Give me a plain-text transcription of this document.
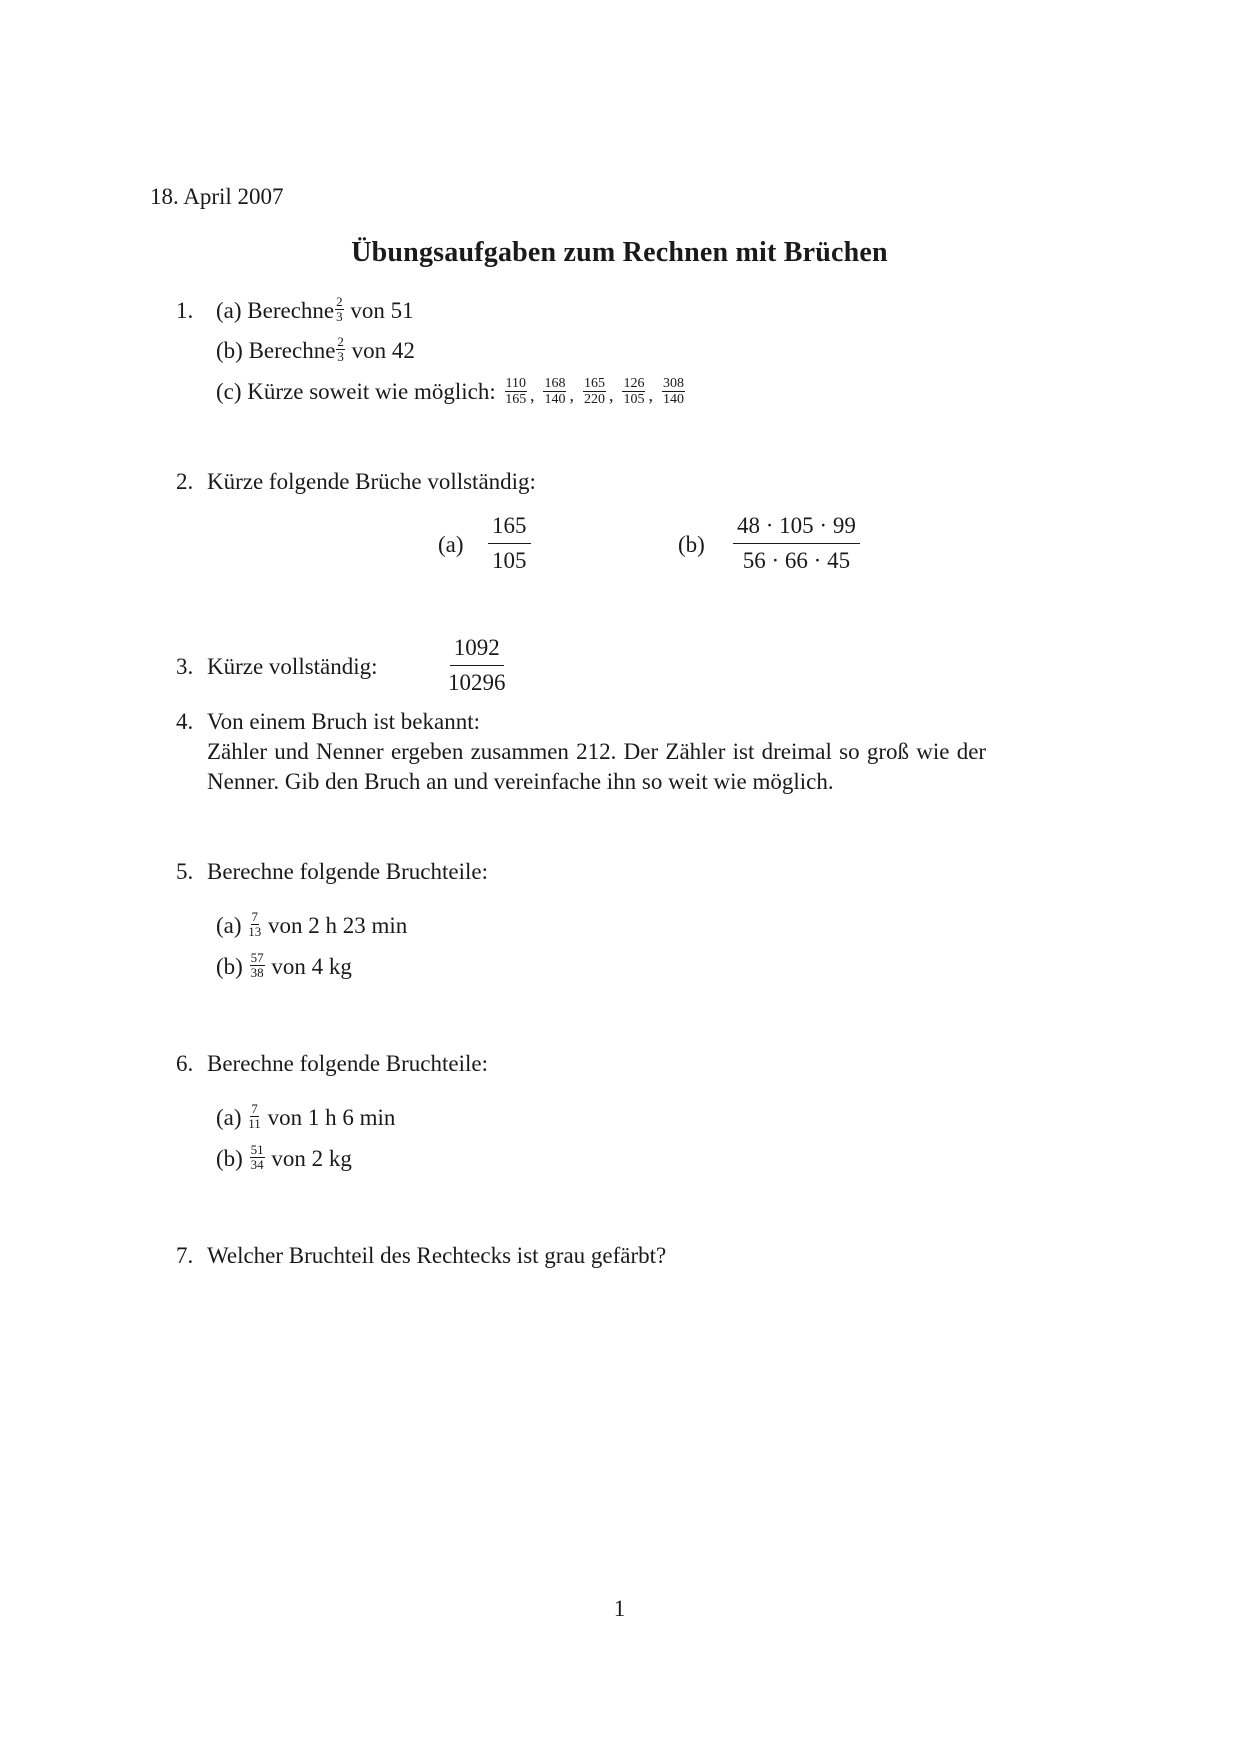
18. April 2007
Übungsaufgaben zum Rechnen mit Brüchen
1. (a) Berechne $\frac{2}{3}$ von 51
(b) Berechne $\frac{2}{3}$ von 42
(c) Kürze soweit wie möglich: $\frac{110}{165}$ , $\frac{168}{140}$ , $\frac{165}{220}$ , $\frac{126}{105}$ , $\frac{308}{140}$
2. Kürze folgende Brüche vollständig:
$(a) \frac{165}{105}$	$(b) \frac{48 \cdot 105 \cdot 99}{56 \cdot 66 \cdot 45}$
3. Kürze vollständig:	$\frac{1092}{10296}$
4. Von einem Bruch ist bekannt:
Zähler und Nenner ergeben zusammen 212. Der Zähler ist dreimal so groß wie der
Nenner. Gib den Bruch an und vereinfache ihn so weit wie möglich.
5. Berechne folgende Bruchteile:
$(a) \frac{7}{13}$ von 2 h 23 min
$(b) \frac{57}{38}$ von 4 kg
6. Berechne folgende Bruchteile:
$(a) \frac{7}{11}$ von 1 h 6 min
$(b) \frac{51}{34}$ von 2 kg
7. Welcher Bruchteil des Rechtecks ist grau gefärbt?
1
